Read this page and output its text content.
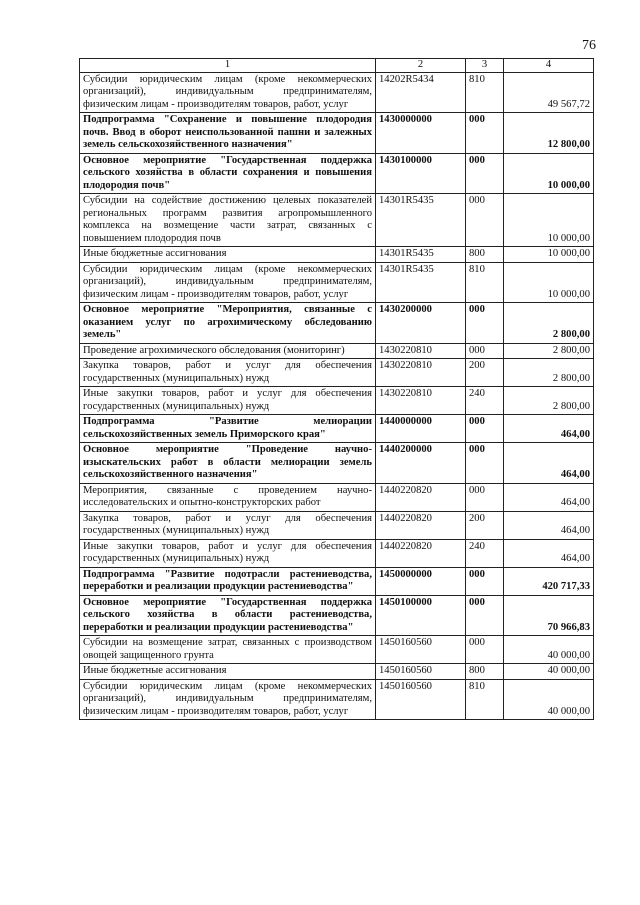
76
1	2	3	4
Субсидии юридическим лицам (кроме некоммерческих организаций), индивидуальным предпринимателям, физическим лицам - производителям товаров, работ, услуг	14202R5434	810	49 567,72
Подпрограмма "Сохранение и повышение плодородия почв. Ввод в оборот неиспользованной пашни и залежных земель сельскохозяйственного назначения"	1430000000	000	12 800,00
Основное мероприятие "Государственная поддержка сельского хозяйства в области сохранения и повышения плодородия почв"	1430100000	000	10 000,00
Субсидии на содействие достижению целевых показателей региональных программ развития агропромышленного комплекса на возмещение части затрат, связанных с повышением плодородия почв	14301R5435	000	10 000,00
Иные бюджетные ассигнования	14301R5435	800	10 000,00
Субсидии юридическим лицам (кроме некоммерческих организаций), индивидуальным предпринимателям, физическим лицам - производителям товаров, работ, услуг	14301R5435	810	10 000,00
Основное мероприятие "Мероприятия, связанные с оказанием услуг по агрохимическому обследованию земель"	1430200000	000	2 800,00
Проведение агрохимического обследования (мониторинг)	1430220810	000	2 800,00
Закупка товаров, работ и услуг для обеспечения государственных (муниципальных) нужд	1430220810	200	2 800,00
Иные закупки товаров, работ и услуг для обеспечения государственных (муниципальных) нужд	1430220810	240	2 800,00
Подпрограмма "Развитие мелиорации сельскохозяйственных земель Приморского края"	1440000000	000	464,00
Основное мероприятие "Проведение научно-изыскательских работ в области мелиорации земель сельскохозяйственного назначения"	1440200000	000	464,00
Мероприятия, связанные с проведением научно-исследовательских и опытно-конструкторских работ	1440220820	000	464,00
Закупка товаров, работ и услуг для обеспечения государственных (муниципальных) нужд	1440220820	200	464,00
Иные закупки товаров, работ и услуг для обеспечения государственных (муниципальных) нужд	1440220820	240	464,00
Подпрограмма "Развитие подотрасли растениеводства, переработки и реализации продукции растениеводства"	1450000000	000	420 717,33
Основное мероприятие "Государственная поддержка сельского хозяйства в области растениеводства, переработки и реализации продукции растениеводства"	1450100000	000	70 966,83
Субсидии на возмещение затрат, связанных с производством овощей защищенного грунта	1450160560	000	40 000,00
Иные бюджетные ассигнования	1450160560	800	40 000,00
Субсидии юридическим лицам (кроме некоммерческих организаций), индивидуальным предпринимателям, физическим лицам - производителям товаров, работ, услуг	1450160560	810	40 000,00
